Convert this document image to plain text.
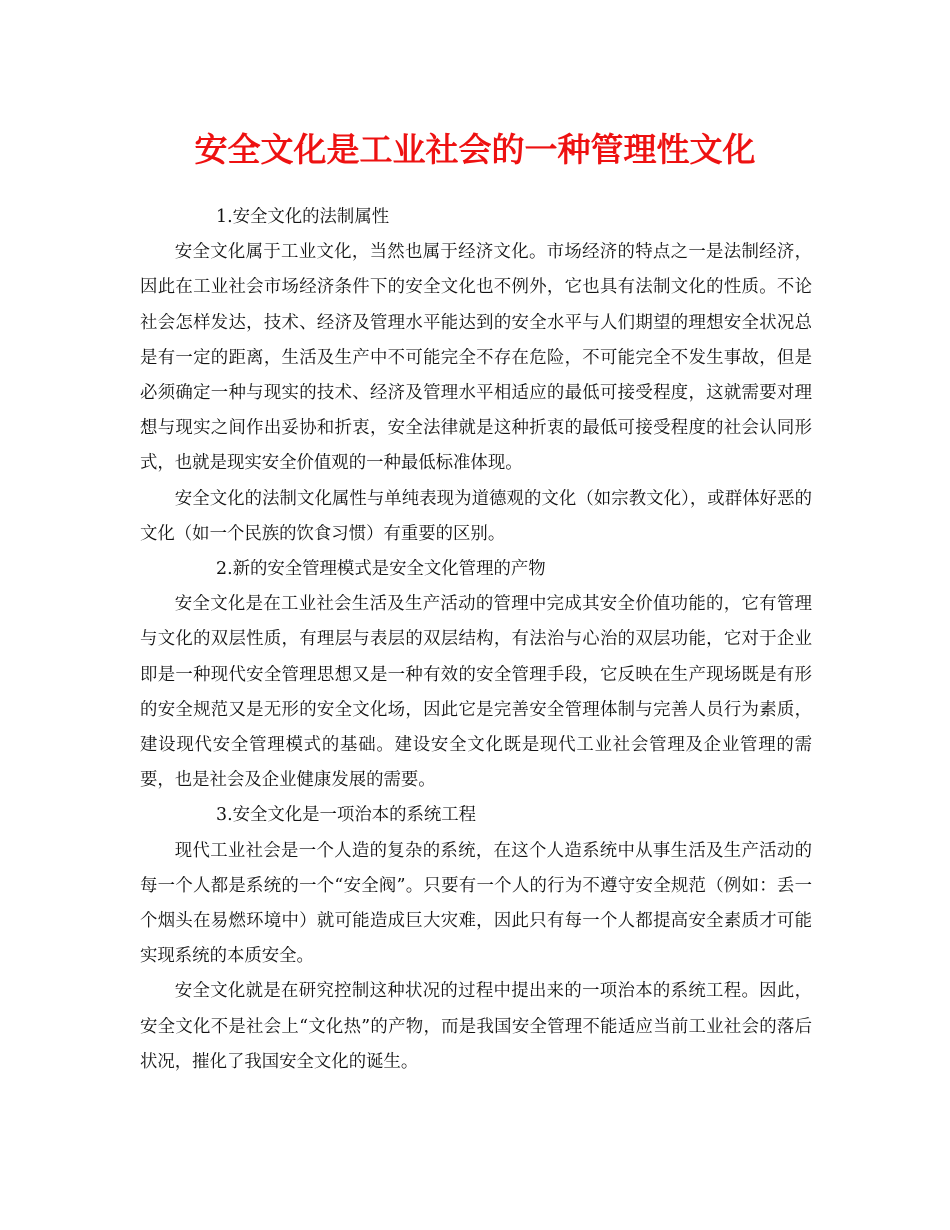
安全文化是工业社会的一种管理性文化

1.安全文化的法制属性

安全文化属于工业文化，当然也属于经济文化。市场经济的特点之一是法制经济，因此在工业社会市场经济条件下的安全文化也不例外，它也具有法制文化的性质。不论社会怎样发达，技术、经济及管理水平能达到的安全水平与人们期望的理想安全状况总是有一定的距离，生活及生产中不可能完全不存在危险，不可能完全不发生事故，但是必须确定一种与现实的技术、经济及管理水平相适应的最低可接受程度，这就需要对理想与现实之间作出妥协和折衷，安全法律就是这种折衷的最低可接受程度的社会认同形式，也就是现实安全价值观的一种最低标准体现。

安全文化的法制文化属性与单纯表现为道德观的文化（如宗教文化），或群体好恶的文化（如一个民族的饮食习惯）有重要的区别。

2.新的安全管理模式是安全文化管理的产物

安全文化是在工业社会生活及生产活动的管理中完成其安全价值功能的，它有管理与文化的双层性质，有理层与表层的双层结构，有法治与心治的双层功能，它对于企业即是一种现代安全管理思想又是一种有效的安全管理手段，它反映在生产现场既是有形的安全规范又是无形的安全文化场，因此它是完善安全管理体制与完善人员行为素质，建设现代安全管理模式的基础。建设安全文化既是现代工业社会管理及企业管理的需要，也是社会及企业健康发展的需要。

3.安全文化是一项治本的系统工程

现代工业社会是一个人造的复杂的系统，在这个人造系统中从事生活及生产活动的每一个人都是系统的一个“安全阀”。只要有一个人的行为不遵守安全规范（例如：丢一个烟头在易燃环境中）就可能造成巨大灾难，因此只有每一个人都提高安全素质才可能实现系统的本质安全。

安全文化就是在研究控制这种状况的过程中提出来的一项治本的系统工程。因此，安全文化不是社会上“文化热”的产物，而是我国安全管理不能适应当前工业社会的落后状况，摧化了我国安全文化的诞生。
